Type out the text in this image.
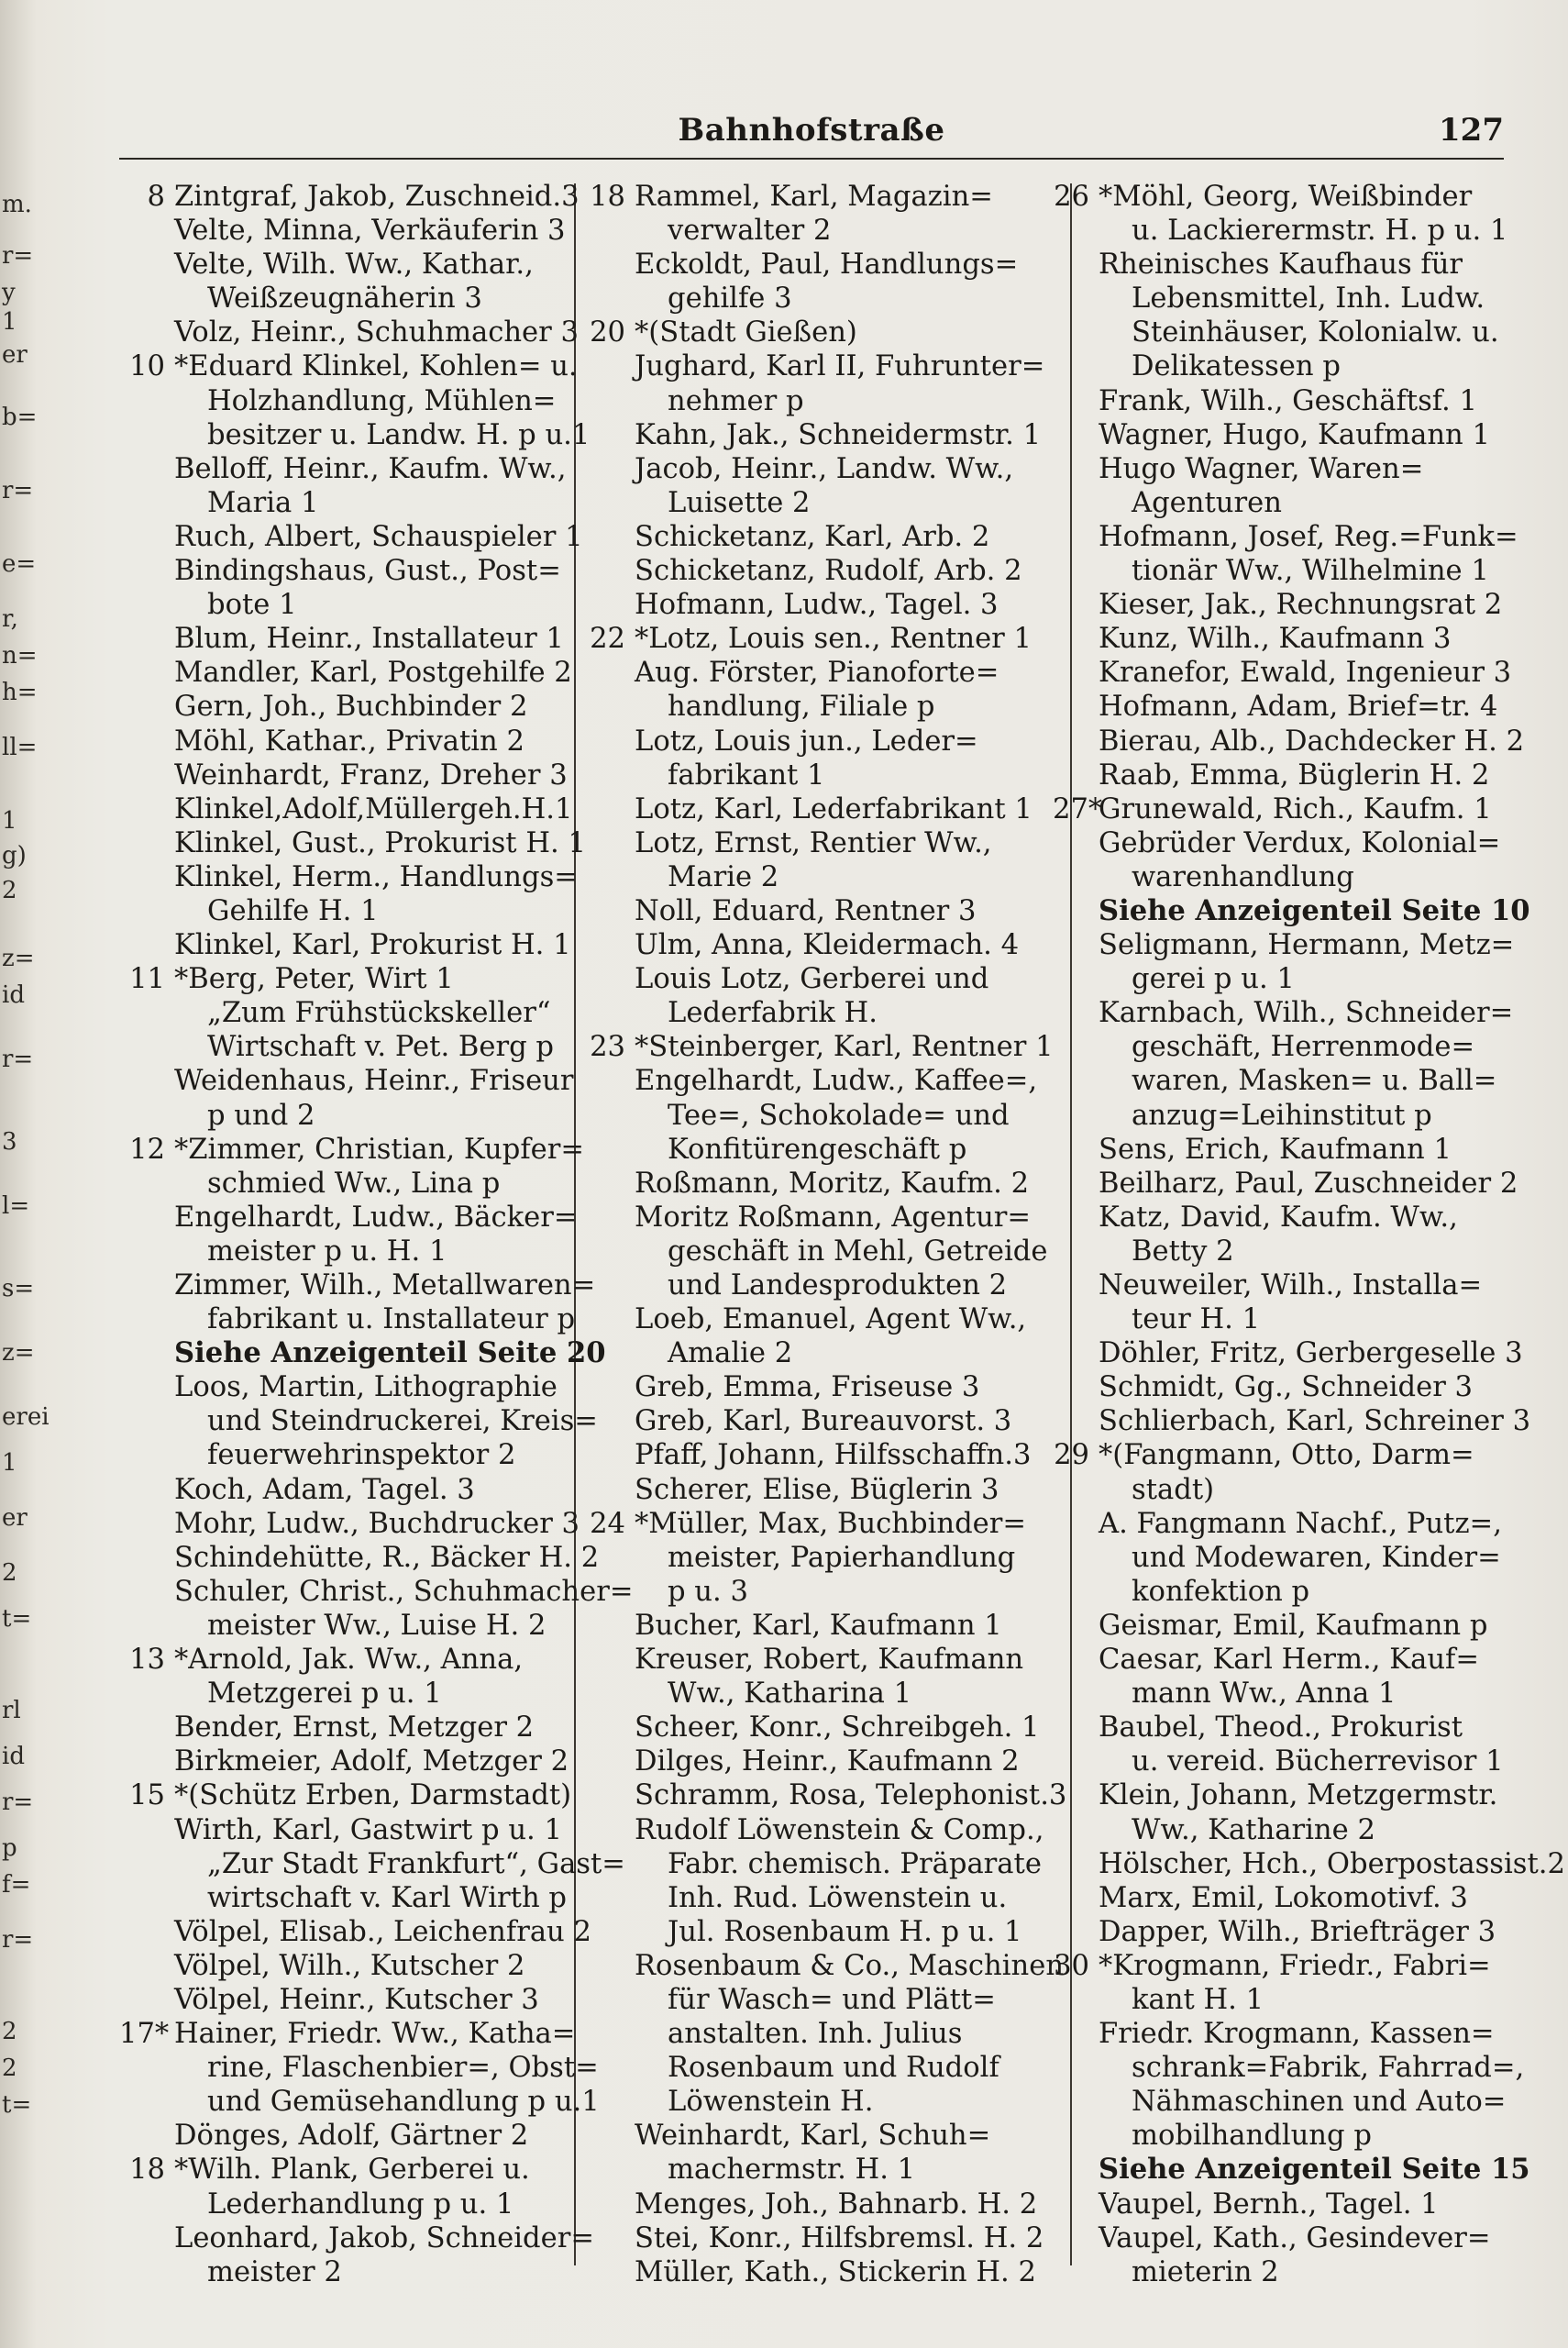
m.
r=
y
1
er
b=
r=
e=
r,
n=
h=
ll=
1
g)
2
z=
id
r=
3
l=
s=
z=
erei
1
er
2
t=
rl
id
r=
p
f=
r=
2
2
t=
Bahnhofstraße	127
8 Zintgraf, Jakob, Zuschneid.3
Velte, Minna, Verkäuferin 3
Velte, Wilh. Ww., Kathar.,
Weißzeugnäherin 3
Volz, Heinr., Schuhmacher 3
10 *Eduard Klinkel, Kohlen= u.
Holzhandlung, Mühlen=
besitzer u. Landw. H. p u.1
Belloff, Heinr., Kaufm. Ww.,
Maria 1
Ruch, Albert, Schauspieler 1
Bindingshaus, Gust., Post=
bote 1
Blum, Heinr., Installateur 1
Mandler, Karl, Postgehilfe 2
Gern, Joh., Buchbinder 2
Möhl, Kathar., Privatin 2
Weinhardt, Franz, Dreher 3
Klinkel,Adolf,Müllergeh.H.1
Klinkel, Gust., Prokurist H. 1
Klinkel, Herm., Handlungs=
Gehilfe H. 1
Klinkel, Karl, Prokurist H. 1
11 *Berg, Peter, Wirt 1
„Zum Frühstückskeller“
Wirtschaft v. Pet. Berg p
Weidenhaus, Heinr., Friseur
p und 2
12 *Zimmer, Christian, Kupfer=
schmied Ww., Lina p
Engelhardt, Ludw., Bäcker=
meister p u. H. 1
Zimmer, Wilh., Metallwaren=
fabrikant u. Installateur p
Siehe Anzeigenteil Seite 20
Loos, Martin, Lithographie
und Steindruckerei, Kreis=
feuerwehrinspektor 2
Koch, Adam, Tagel. 3
Mohr, Ludw., Buchdrucker 3
Schindehütte, R., Bäcker H. 2
Schuler, Christ., Schuhmacher=
meister Ww., Luise H. 2
13 *Arnold, Jak. Ww., Anna,
Metzgerei p u. 1
Bender, Ernst, Metzger 2
Birkmeier, Adolf, Metzger 2
15 *(Schütz Erben, Darmstadt)
Wirth, Karl, Gastwirt p u. 1
„Zur Stadt Frankfurt“, Gast=
wirtschaft v. Karl Wirth p
Völpel, Elisab., Leichenfrau 2
Völpel, Wilh., Kutscher 2
Völpel, Heinr., Kutscher 3
17* Hainer, Friedr. Ww., Katha=
rine, Flaschenbier=, Obst=
und Gemüsehandlung p u.1
Dönges, Adolf, Gärtner 2
18 *Wilh. Plank, Gerberei u.
Lederhandlung p u. 1
Leonhard, Jakob, Schneider=
meister 2
18 Rammel, Karl, Magazin=
verwalter 2
Eckoldt, Paul, Handlungs=
gehilfe 3
20 *(Stadt Gießen)
Jughard, Karl II, Fuhrunter=
nehmer p
Kahn, Jak., Schneidermstr. 1
Jacob, Heinr., Landw. Ww.,
Luisette 2
Schicketanz, Karl, Arb. 2
Schicketanz, Rudolf, Arb. 2
Hofmann, Ludw., Tagel. 3
22 *Lotz, Louis sen., Rentner 1
Aug. Förster, Pianoforte=
handlung, Filiale p
Lotz, Louis jun., Leder=
fabrikant 1
Lotz, Karl, Lederfabrikant 1
Lotz, Ernst, Rentier Ww.,
Marie 2
Noll, Eduard, Rentner 3
Ulm, Anna, Kleidermach. 4
Louis Lotz, Gerberei und
Lederfabrik H.
23 *Steinberger, Karl, Rentner 1
Engelhardt, Ludw., Kaffee=,
Tee=, Schokolade= und
Konfitürengeschäft p
Roßmann, Moritz, Kaufm. 2
Moritz Roßmann, Agentur=
geschäft in Mehl, Getreide
und Landesprodukten 2
Loeb, Emanuel, Agent Ww.,
Amalie 2
Greb, Emma, Friseuse 3
Greb, Karl, Bureauvorst. 3
Pfaff, Johann, Hilfsschaffn.3
Scherer, Elise, Büglerin 3
24 *Müller, Max, Buchbinder=
meister, Papierhandlung
p u. 3
Bucher, Karl, Kaufmann 1
Kreuser, Robert, Kaufmann
Ww., Katharina 1
Scheer, Konr., Schreibgeh. 1
Dilges, Heinr., Kaufmann 2
Schramm, Rosa, Telephonist.3
Rudolf Löwenstein & Comp.,
Fabr. chemisch. Präparate
Inh. Rud. Löwenstein u.
Jul. Rosenbaum H. p u. 1
Rosenbaum & Co., Maschinen
für Wasch= und Plätt=
anstalten. Inh. Julius
Rosenbaum und Rudolf
Löwenstein H.
Weinhardt, Karl, Schuh=
machermstr. H. 1
Menges, Joh., Bahnarb. H. 2
Stei, Konr., Hilfsbremsl. H. 2
Müller, Kath., Stickerin H. 2
26 *Möhl, Georg, Weißbinder
u. Lackierermstr. H. p u. 1
Rheinisches Kaufhaus für
Lebensmittel, Inh. Ludw.
Steinhäuser, Kolonialw. u.
Delikatessen p
Frank, Wilh., Geschäftsf. 1
Wagner, Hugo, Kaufmann 1
Hugo Wagner, Waren=
Agenturen
Hofmann, Josef, Reg.=Funk=
tionär Ww., Wilhelmine 1
Kieser, Jak., Rechnungsrat 2
Kunz, Wilh., Kaufmann 3
Kranefor, Ewald, Ingenieur 3
Hofmann, Adam, Brief=tr. 4
Bierau, Alb., Dachdecker H. 2
Raab, Emma, Büglerin H. 2
27*Grunewald, Rich., Kaufm. 1
Gebrüder Verdux, Kolonial=
warenhandlung
Siehe Anzeigenteil Seite 10
Seligmann, Hermann, Metz=
gerei p u. 1
Karnbach, Wilh., Schneider=
geschäft, Herrenmode=
waren, Masken= u. Ball=
anzug=Leihinstitut p
Sens, Erich, Kaufmann 1
Beilharz, Paul, Zuschneider 2
Katz, David, Kaufm. Ww.,
Betty 2
Neuweiler, Wilh., Installa=
teur H. 1
Döhler, Fritz, Gerbergeselle 3
Schmidt, Gg., Schneider 3
Schlierbach, Karl, Schreiner 3
29 *(Fangmann, Otto, Darm=
stadt)
A. Fangmann Nachf., Putz=,
und Modewaren, Kinder=
konfektion p
Geismar, Emil, Kaufmann p
Caesar, Karl Herm., Kauf=
mann Ww., Anna 1
Baubel, Theod., Prokurist
u. vereid. Bücherrevisor 1
Klein, Johann, Metzgermstr.
Ww., Katharine 2
Hölscher, Hch., Oberpostassist.2
Marx, Emil, Lokomotivf. 3
Dapper, Wilh., Briefträger 3
30 *Krogmann, Friedr., Fabri=
kant H. 1
Friedr. Krogmann, Kassen=
schrank=Fabrik, Fahrrad=,
Nähmaschinen und Auto=
mobilhandlung p
Siehe Anzeigenteil Seite 15
Vaupel, Bernh., Tagel. 1
Vaupel, Kath., Gesindever=
mieterin 2
